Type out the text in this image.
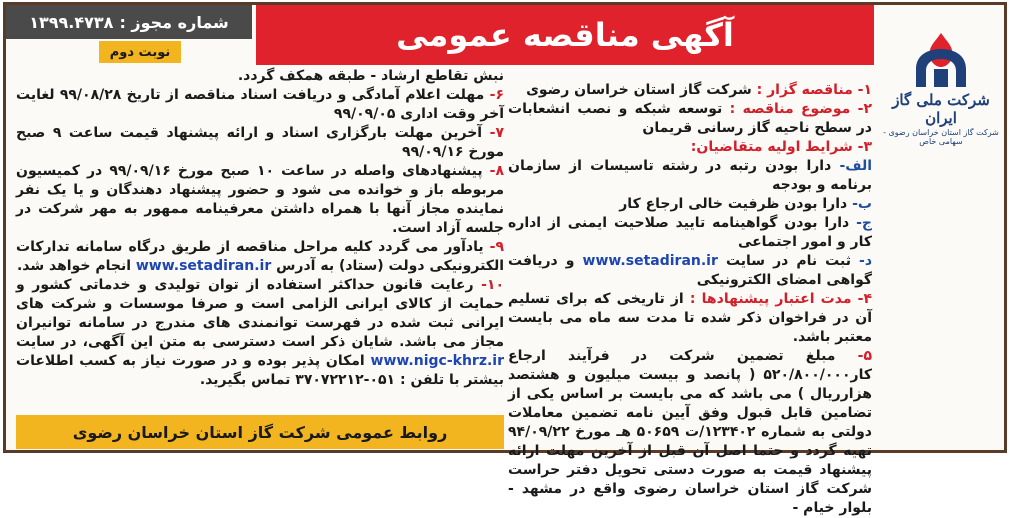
شماره مجوز :
۱۳۹۹.۴۷۳۸
نوبت دوم	آگهی مناقصه عمومی
شرکت ملی گاز ایران
شرکت گاز استان خراسان رضوی - سهامی خاص
۱- مناقصه گزار : شرکت گاز استان خراسان رضوی
۲- موضوع مناقصه : توسعه شبکه و نصب انشعابات در سطح ناحیه گاز رسانی قریمان
۳- شرایط اولیه متقاضیان:
الف- دارا بودن رتبه در رشته تاسیسات از سازمان برنامه و بودجه
ب- دارا بودن ظرفیت خالی ارجاع کار
ج- دارا بودن گواهینامه تایید صلاحیت ایمنی از اداره کار و امور اجتماعی
د- ثبت نام در سایت www.setadiran.ir و دریافت گواهی امضای الکترونیکی
۴- مدت اعتبار پیشنهادها : از تاریخی که برای تسلیم آن در فراخوان ذکر شده تا مدت سه ماه می بایست معتبر باشد.
۵- مبلغ تضمین شرکت در فرآیند ارجاع کار۵۲۰/۸۰۰/۰۰۰ ( پانصد و بیست میلیون و هشتصد هزارریال ) می باشد که می بایست بر اساس یکی از تضامین قابل قبول وفق آیین نامه تضمین معاملات دولتی به شماره ۱۲۳۴۰۲/ت ۵۰۶۵۹ هـ مورخ ۹۴/۰۹/۲۲ تهیه گردد و حتما اصل آن قبل از آخرین مهلت ارائه پیشنهاد قیمت به صورت دستی تحویل دفتر حراست شرکت گاز استان خراسان رضوی واقع در مشهد - بلوار خیام -
نبش تقاطع ارشاد - طبقه همکف گردد.
۶- مهلت اعلام آمادگی و دریافت اسناد مناقصه از تاریخ ۹۹/۰۸/۲۸ لغایت آخر وقت اداری ۹۹/۰۹/۰۵
۷- آخرین مهلت بارگزاری اسناد و ارائه پیشنهاد قیمت ساعت ۹ صبح مورخ ۹۹/۰۹/۱۶
۸- پیشنهادهای واصله در ساعت ۱۰ صبح مورخ ۹۹/۰۹/۱۶ در کمیسیون مربوطه باز و خوانده می شود و حضور پیشنهاد دهندگان و یا یک نفر نماینده مجاز آنها با همراه داشتن معرفینامه ممهور به مهر شرکت در جلسه آزاد است.
۹- یادآور می گردد کلیه مراحل مناقصه از طریق درگاه سامانه تدارکات الکترونیکی دولت (ستاد) به آدرس www.setadiran.ir انجام خواهد شد.
۱۰- رعایت قانون حداکثر استفاده از توان تولیدی و خدماتی کشور و حمایت از کالای ایرانی الزامی است و صرفا موسسات و شرکت های ایرانی ثبت شده در فهرست توانمندی های مندرج در سامانه توانیران مجاز می باشد. شایان ذکر است دسترسی به متن این آگهی، در سایت www.nigc-khrz.ir امکان پذیر بوده و در صورت نیاز به کسب اطلاعات بیشتر با تلفن : ۰۵۱-۳۷۰۷۲۲۱۲ تماس بگیرید.
روابط عمومی شرکت گاز استان خراسان رضوی
